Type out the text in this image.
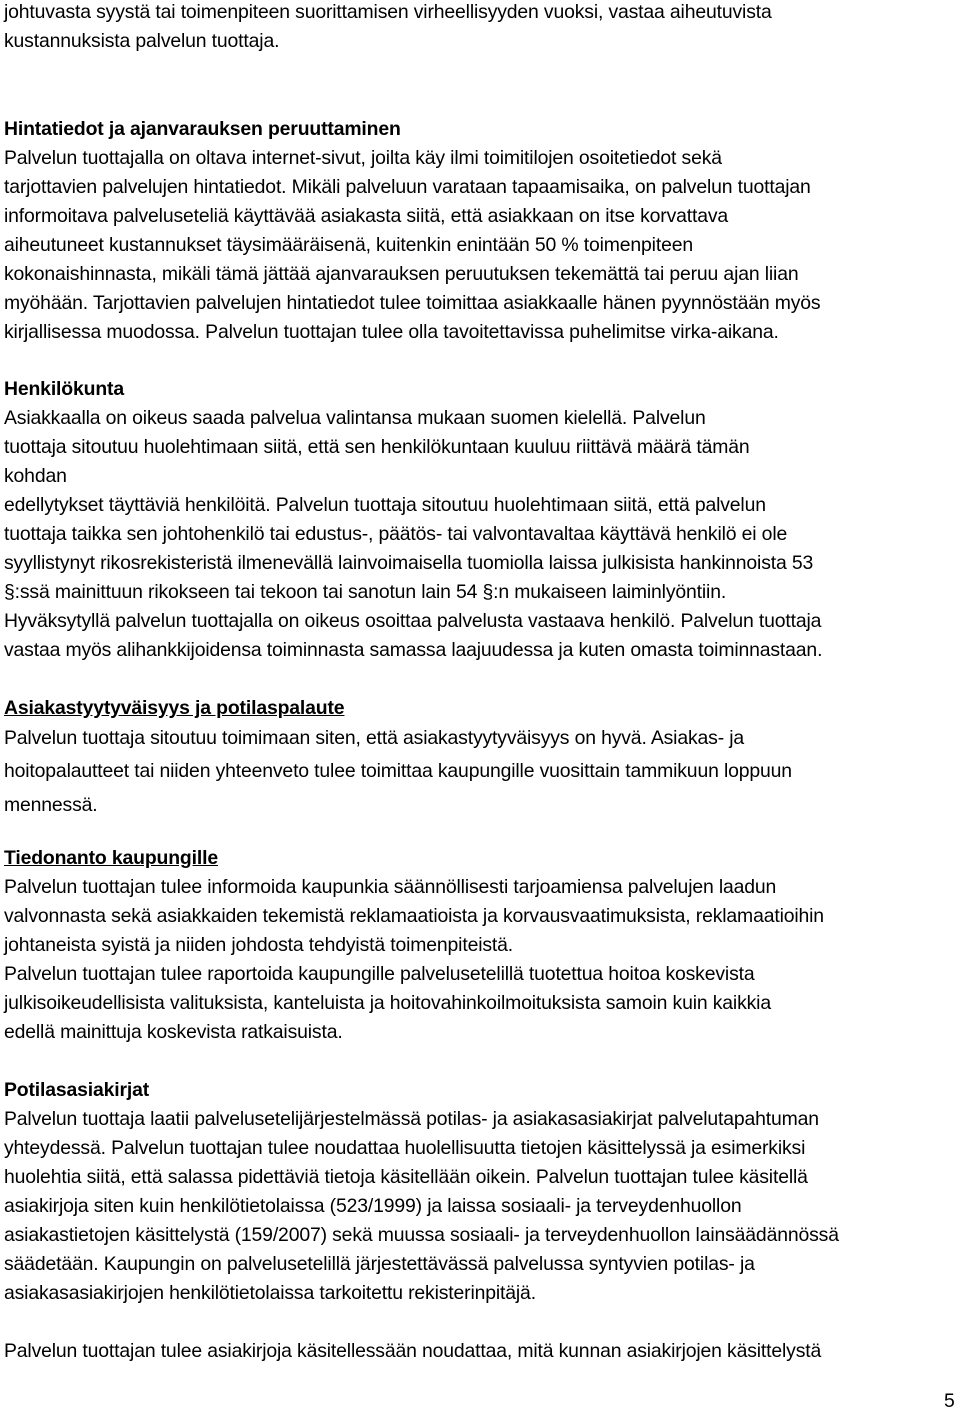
johtuvasta syystä tai toimenpiteen suorittamisen virheellisyyden vuoksi, vastaa aiheutuvista
kustannuksista palvelun tuottaja.
Hintatiedot ja ajanvarauksen peruuttaminen
Palvelun tuottajalla on oltava internet-sivut, joilta käy ilmi toimitilojen osoitetiedot sekä
tarjottavien palvelujen hintatiedot. Mikäli palveluun varataan tapaamisaika, on palvelun tuottajan
informoitava palveluseteliä käyttävää asiakasta siitä, että asiakkaan on itse korvattava
aiheutuneet kustannukset täysimääräisenä, kuitenkin enintään 50 % toimenpiteen
kokonaishinnasta, mikäli tämä jättää ajanvarauksen peruutuksen tekemättä tai peruu ajan liian
myöhään. Tarjottavien palvelujen hintatiedot tulee toimittaa asiakkaalle hänen pyynnöstään myös
kirjallisessa muodossa. Palvelun tuottajan tulee olla tavoitettavissa puhelimitse virka-aikana.
Henkilökunta
Asiakkaalla on oikeus saada palvelua valintansa mukaan suomen kielellä. Palvelun
tuottaja sitoutuu huolehtimaan siitä, että sen henkilökuntaan kuuluu riittävä määrä tämän
kohdan
edellytykset täyttäviä henkilöitä. Palvelun tuottaja sitoutuu huolehtimaan siitä, että palvelun
tuottaja taikka sen johtohenkilö tai edustus-, päätös- tai valvontavaltaa käyttävä henkilö ei ole
syyllistynyt rikosrekisteristä ilmenevällä lainvoimaisella tuomiolla laissa julkisista hankinnoista 53
§:ssä mainittuun rikokseen tai tekoon tai sanotun lain 54 §:n mukaiseen laiminlyöntiin.
Hyväksytyllä palvelun tuottajalla on oikeus osoittaa palvelusta vastaava henkilö. Palvelun tuottaja
vastaa myös alihankkijoidensa toiminnasta samassa laajuudessa ja kuten omasta toiminnastaan.
Asiakastyytyväisyys ja potilaspalaute
Palvelun tuottaja sitoutuu toimimaan siten, että asiakastyytyväisyys on hyvä. Asiakas- ja
hoitopalautteet tai niiden yhteenveto tulee toimittaa kaupungille vuosittain tammikuun loppuun
mennessä.
Tiedonanto kaupungille
Palvelun tuottajan tulee informoida kaupunkia säännöllisesti tarjoamiensa palvelujen laadun
valvonnasta sekä asiakkaiden tekemistä reklamaatioista ja korvausvaatimuksista, reklamaatioihin
johtaneista syistä ja niiden johdosta tehdyistä toimenpiteistä.
Palvelun tuottajan tulee raportoida kaupungille palvelusetelillä tuotettua hoitoa koskevista
julkisoikeudellisista valituksista, kanteluista ja hoitovahinkoilmoituksista samoin kuin kaikkia
edellä mainittuja koskevista ratkaisuista.
Potilasasiakirjat
Palvelun tuottaja laatii palvelusetelijärjestelmässä potilas- ja asiakasasiakirjat palvelutapahtuman
yhteydessä. Palvelun tuottajan tulee noudattaa huolellisuutta tietojen käsittelyssä ja esimerkiksi
huolehtia siitä, että salassa pidettäviä tietoja käsitellään oikein. Palvelun tuottajan tulee käsitellä
asiakirjoja siten kuin henkilötietolaissa (523/1999) ja laissa sosiaali- ja terveydenhuollon
asiakastietojen käsittelystä (159/2007) sekä muussa sosiaali- ja terveydenhuollon lainsäädännössä
säädetään. Kaupungin on palvelusetelillä järjestettävässä palvelussa syntyvien potilas- ja
asiakasasiakirjojen henkilötietolaissa tarkoitettu rekisterinpitäjä.
Palvelun tuottajan tulee asiakirjoja käsitellessään noudattaa, mitä kunnan asiakirjojen käsittelystä
5
